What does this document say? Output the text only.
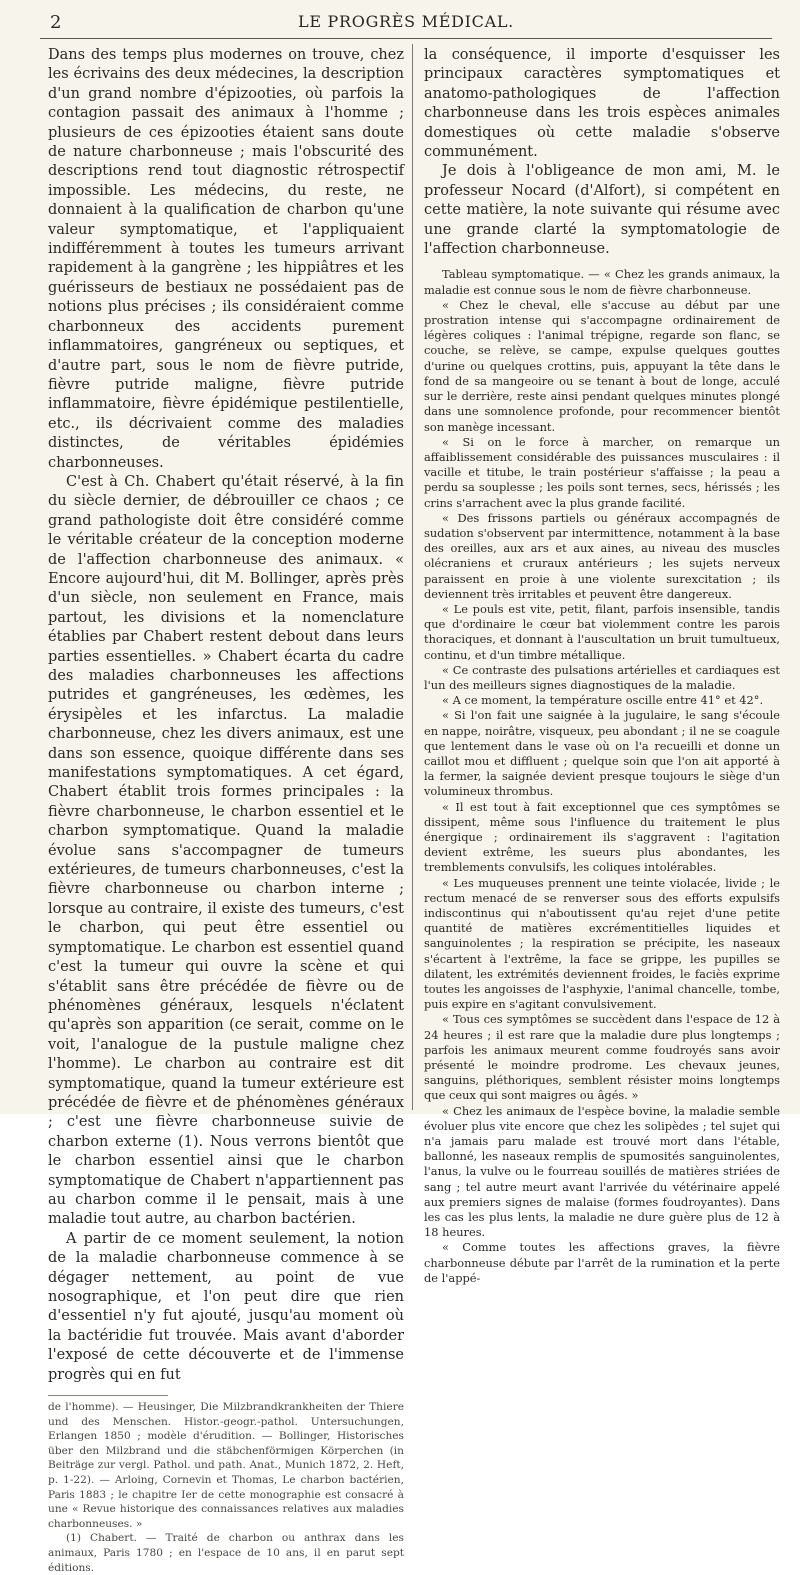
2	LE PROGRÈS MÉDICAL.

Dans des temps plus modernes on trouve, chez les écrivains des deux médecines, la description d'un grand nombre d'épizooties, où parfois la contagion passait des animaux à l'homme ; plusieurs de ces épizooties étaient sans doute de nature charbonneuse ; mais l'obscurité des descriptions rend tout diagnostic rétrospectif impossible. Les médecins, du reste, ne donnaient à la qualification de charbon qu'une valeur symptomatique, et l'appliquaient indifféremment à toutes les tumeurs arrivant rapidement à la gangrène ; les hippiâtres et les guérisseurs de bestiaux ne possédaient pas de notions plus précises ; ils considéraient comme charbonneux des accidents purement inflammatoires, gangréneux ou septiques, et d'autre part, sous le nom de fièvre putride, fièvre putride maligne, fièvre putride inflammatoire, fièvre épidémique pestilentielle, etc., ils décrivaient comme des maladies distinctes, de véritables épidémies charbonneuses.

C'est à Ch. Chabert qu'était réservé, à la fin du siècle dernier, de débrouiller ce chaos ; ce grand pathologiste doit être considéré comme le véritable créateur de la conception moderne de l'affection charbonneuse des animaux. « Encore aujourd'hui, dit M. Bollinger, après près d'un siècle, non seulement en France, mais partout, les divisions et la nomenclature établies par Chabert restent debout dans leurs parties essentielles. » Chabert écarta du cadre des maladies charbonneuses les affections putrides et gangréneuses, les œdèmes, les érysipèles et les infarctus. La maladie charbonneuse, chez les divers animaux, est une dans son essence, quoique différente dans ses manifestations symptomatiques. A cet égard, Chabert établit trois formes principales : la fièvre charbonneuse, le charbon essentiel et le charbon symptomatique. Quand la maladie évolue sans s'accompagner de tumeurs extérieures, de tumeurs charbonneuses, c'est la fièvre charbonneuse ou charbon interne ; lorsque au contraire, il existe des tumeurs, c'est le charbon, qui peut être essentiel ou symptomatique. Le charbon est essentiel quand c'est la tumeur qui ouvre la scène et qui s'établit sans être précédée de fièvre ou de phénomènes généraux, lesquels n'éclatent qu'après son apparition (ce serait, comme on le voit, l'analogue de la pustule maligne chez l'homme). Le charbon au contraire est dit symptomatique, quand la tumeur extérieure est précédée de fièvre et de phénomènes généraux ; c'est une fièvre charbonneuse suivie de charbon externe (1). Nous verrons bientôt que le charbon essentiel ainsi que le charbon symptomatique de Chabert n'appartiennent pas au charbon comme il le pensait, mais à une maladie tout autre, au charbon bactérien.

A partir de ce moment seulement, la notion de la maladie charbonneuse commence à se dégager nettement, au point de vue nosographique, et l'on peut dire que rien d'essentiel n'y fut ajouté, jusqu'au moment où la bactéridie fut trouvée. Mais avant d'aborder l'exposé de cette découverte et de l'immense progrès qui en fut

de l'homme). — Heusinger, Die Milzbrandkrankheiten der Thiere und des Menschen. Histor.-geogr.-pathol. Untersuchungen, Erlangen 1850 ; modèle d'érudition. — Bollinger, Historisches über den Milzbrand und die stäbchenförmigen Körperchen (in Beiträge zur vergl. Pathol. und path. Anat., Munich 1872, 2. Heft, p. 1-22). — Arloing, Cornevin et Thomas, Le charbon bactérien, Paris 1883 ; le chapitre Ier de cette monographie est consacré à une « Revue historique des connaissances relatives aux maladies charbonneuses. »

(1) Chabert. — Traité de charbon ou anthrax dans les animaux, Paris 1780 ; en l'espace de 10 ans, il en parut sept éditions.

la conséquence, il importe d'esquisser les principaux caractères symptomatiques et anatomo-pathologiques de l'affection charbonneuse dans les trois espèces animales domestiques où cette maladie s'observe communément.

Je dois à l'obligeance de mon ami, M. le professeur Nocard (d'Alfort), si compétent en cette matière, la note suivante qui résume avec une grande clarté la symptomatologie de l'affection charbonneuse.

Tableau symptomatique. — « Chez les grands animaux, la maladie est connue sous le nom de fièvre charbonneuse.

« Chez le cheval, elle s'accuse au début par une prostration intense qui s'accompagne ordinairement de légères coliques : l'animal trépigne, regarde son flanc, se couche, se relève, se campe, expulse quelques gouttes d'urine ou quelques crottins, puis, appuyant la tête dans le fond de sa mangeoire ou se tenant à bout de longe, acculé sur le derrière, reste ainsi pendant quelques minutes plongé dans une somnolence profonde, pour recommencer bientôt son manège incessant.

« Si on le force à marcher, on remarque un affaiblissement considérable des puissances musculaires : il vacille et titube, le train postérieur s'affaisse ; la peau a perdu sa souplesse ; les poils sont ternes, secs, hérissés ; les crins s'arrachent avec la plus grande facilité.

« Des frissons partiels ou généraux accompagnés de sudation s'observent par intermittence, notamment à la base des oreilles, aux ars et aux aines, au niveau des muscles olécraniens et cruraux antérieurs ; les sujets nerveux paraissent en proie à une violente surexcitation ; ils deviennent très irritables et peuvent être dangereux.

« Le pouls est vite, petit, filant, parfois insensible, tandis que d'ordinaire le cœur bat violemment contre les parois thoraciques, et donnant à l'auscultation un bruit tumultueux, continu, et d'un timbre métallique.

« Ce contraste des pulsations artérielles et cardiaques est l'un des meilleurs signes diagnostiques de la maladie.

« A ce moment, la température oscille entre 41° et 42°.

« Si l'on fait une saignée à la jugulaire, le sang s'écoule en nappe, noirâtre, visqueux, peu abondant ; il ne se coagule que lentement dans le vase où on l'a recueilli et donne un caillot mou et diffluent ; quelque soin que l'on ait apporté à la fermer, la saignée devient presque toujours le siège d'un volumineux thrombus.

« Il est tout à fait exceptionnel que ces symptômes se dissipent, même sous l'influence du traitement le plus énergique ; ordinairement ils s'aggravent : l'agitation devient extrême, les sueurs plus abondantes, les tremblements convulsifs, les coliques intolérables.

« Les muqueuses prennent une teinte violacée, livide ; le rectum menacé de se renverser sous des efforts expulsifs indiscontinus qui n'aboutissent qu'au rejet d'une petite quantité de matières excrémentitielles liquides et sanguinolentes ; la respiration se précipite, les naseaux s'écartent à l'extrême, la face se grippe, les pupilles se dilatent, les extrémités deviennent froides, le faciès exprime toutes les angoisses de l'asphyxie, l'animal chancelle, tombe, puis expire en s'agitant convulsivement.

« Tous ces symptômes se succèdent dans l'espace de 12 à 24 heures ; il est rare que la maladie dure plus longtemps ; parfois les animaux meurent comme foudroyés sans avoir présenté le moindre prodrome. Les chevaux jeunes, sanguins, pléthoriques, semblent résister moins longtemps que ceux qui sont maigres ou âgés. »

« Chez les animaux de l'espèce bovine, la maladie semble évoluer plus vite encore que chez les solipèdes ; tel sujet qui n'a jamais paru malade est trouvé mort dans l'étable, ballonné, les naseaux remplis de spumosités sanguinolentes, l'anus, la vulve ou le fourreau souillés de matières striées de sang ; tel autre meurt avant l'arrivée du vétérinaire appelé aux premiers signes de malaise (formes foudroyantes). Dans les cas les plus lents, la maladie ne dure guère plus de 12 à 18 heures.

« Comme toutes les affections graves, la fièvre charbonneuse débute par l'arrêt de la rumination et la perte de l'appé-
